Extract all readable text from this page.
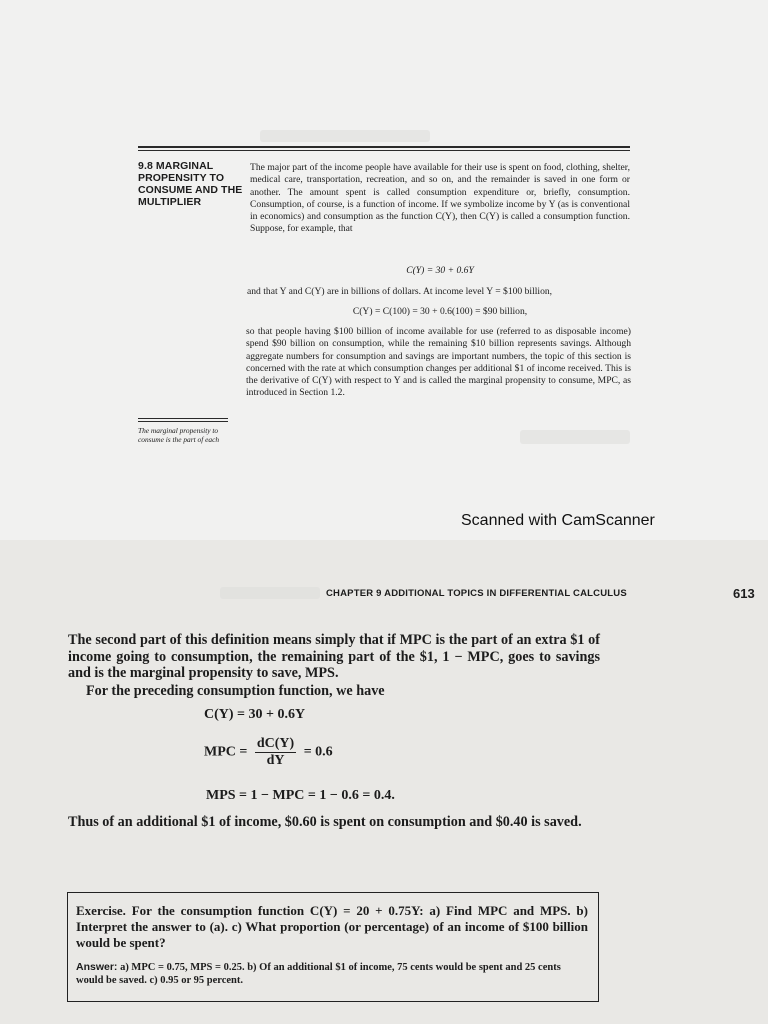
9.8 MARGINAL
PROPENSITY TO
CONSUME AND THE
MULTIPLIER
The major part of the income people have available for their use is spent on food, clothing, shelter, medical care, transportation, recreation, and so on, and the remainder is saved in one form or another. The amount spent is called consumption expenditure or, briefly, consumption. Consumption, of course, is a function of income. If we symbolize income by Y (as is conventional in economics) and consumption as the function C(Y), then C(Y) is called a consumption function. Suppose, for example, that
C(Y) = 30 + 0.6Y
and that Y and C(Y) are in billions of dollars. At income level Y = $100 billion,
C(Y) = C(100) = 30 + 0.6(100) = $90 billion,
so that people having $100 billion of income available for use (referred to as disposable income) spend $90 billion on consumption, while the remaining $10 billion represents savings. Although aggregate numbers for consumption and savings are important numbers, the topic of this section is concerned with the rate at which consumption changes per additional $1 of income received. This is the derivative of C(Y) with respect to Y and is called the marginal propensity to consume, MPC, as introduced in Section 1.2.
The marginal propensity to
consume is the part of each
Scanned with CamScanner
CHAPTER 9 ADDITIONAL TOPICS IN DIFFERENTIAL CALCULUS	613
The second part of this definition means simply that if MPC is the part of an extra $1 of income going to consumption, the remaining part of the $1, 1 − MPC, goes to savings and is the marginal propensity to save, MPS.
For the preceding consumption function, we have
C(Y) = 30 + 0.6Y
MPC = $\frac{dC(Y)}{dY} = 0.6$
MPS = 1 − MPC = 1 − 0.6 = 0.4.
Thus of an additional $1 of income, $0.60 is spent on consumption and $0.40 is saved.
Exercise. For the consumption function C(Y) = 20 + 0.75Y: a) Find MPC and MPS. b) Interpret the answer to (a). c) What proportion (or percentage) of an income of $100 billion would be spent?
Answer: a) MPC = 0.75, MPS = 0.25. b) Of an additional $1 of income, 75 cents would be spent and 25 cents would be saved. c) 0.95 or 95 percent.
